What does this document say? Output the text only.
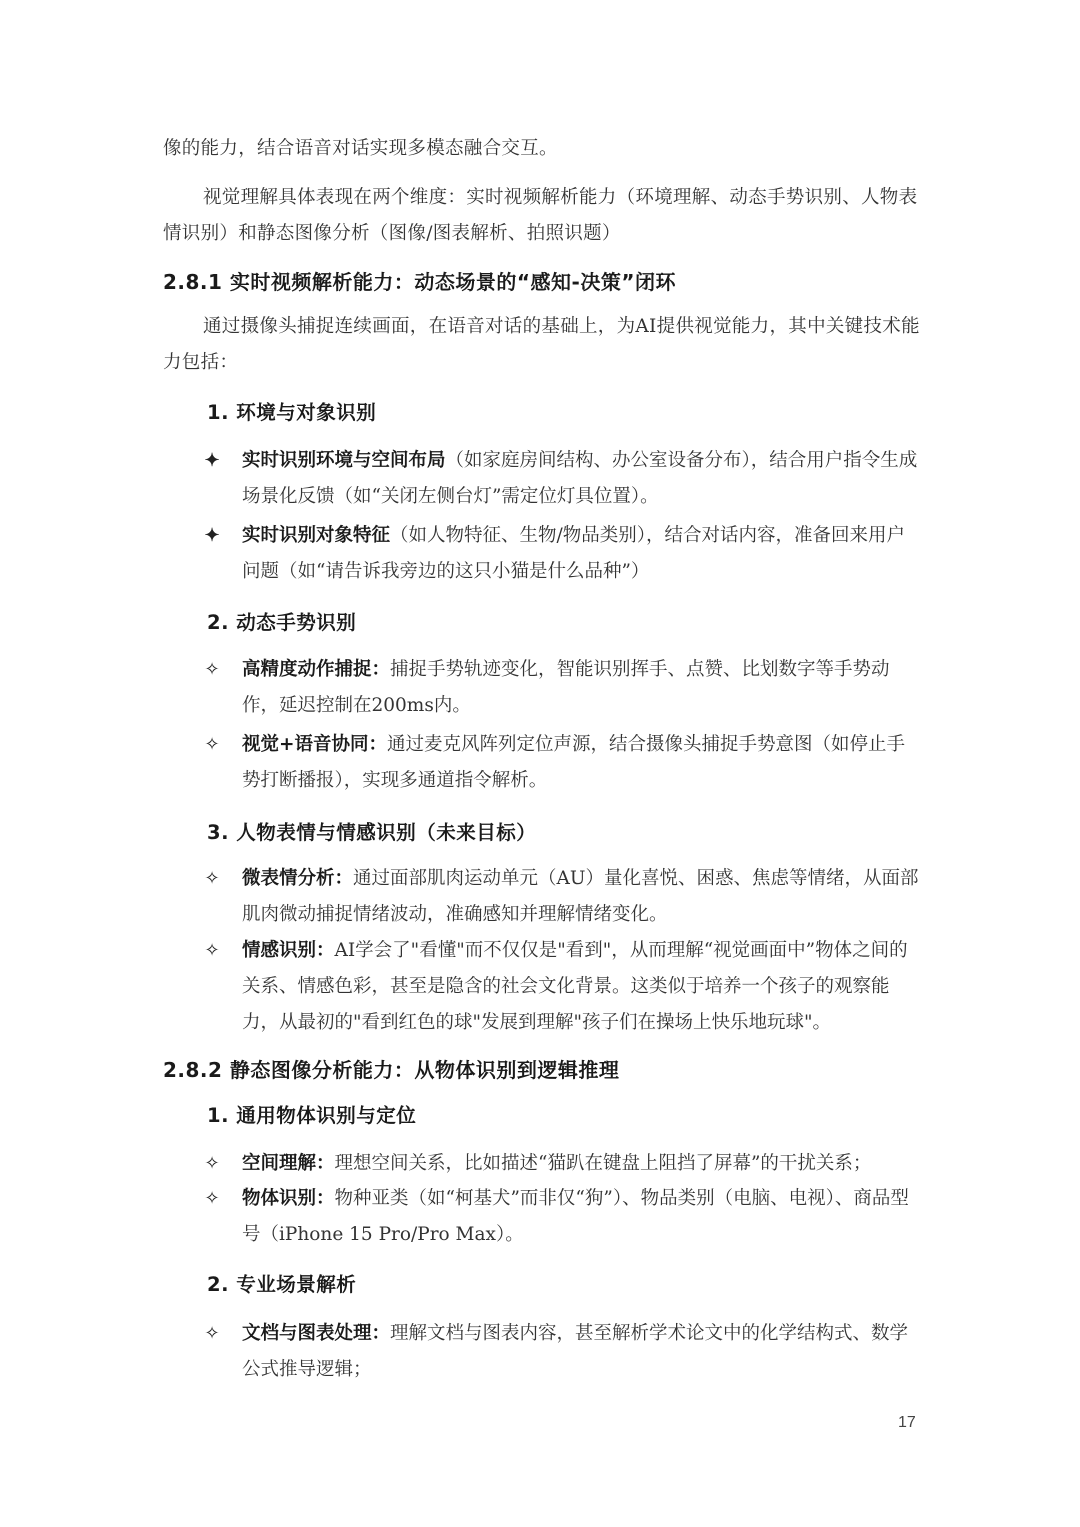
像的能力，结合语音对话实现多模态融合交互。
视觉理解具体表现在两个维度：实时视频解析能力（环境理解、动态手势识别、人物表情识别）和静态图像分析（图像/图表解析、拍照识题）
2.8.1 实时视频解析能力：动态场景的“感知-决策”闭环
通过摄像头捕捉连续画面，在语音对话的基础上，为AI提供视觉能力，其中关键技术能力包括：
1. 环境与对象识别
✦ 实时识别环境与空间布局（如家庭房间结构、办公室设备分布），结合用户指令生成场景化反馈（如“关闭左侧台灯”需定位灯具位置）。
✦ 实时识别对象特征（如人物特征、生物/物品类别），结合对话内容，准备回来用户问题（如“请告诉我旁边的这只小猫是什么品种”）
2. 动态手势识别
✧ 高精度动作捕捉：捕捉手势轨迹变化，智能识别挥手、点赞、比划数字等手势动作，延迟控制在200ms内。
✧ 视觉+语音协同：通过麦克风阵列定位声源，结合摄像头捕捉手势意图（如停止手势打断播报），实现多通道指令解析。
3. 人物表情与情感识别（未来目标）
✧ 微表情分析：通过面部肌肉运动单元（AU）量化喜悦、困惑、焦虑等情绪，从面部肌肉微动捕捉情绪波动，准确感知并理解情绪变化。
✧ 情感识别：AI学会了"看懂"而不仅仅是"看到"，从而理解“视觉画面中”物体之间的关系、情感色彩，甚至是隐含的社会文化背景。这类似于培养一个孩子的观察能力，从最初的"看到红色的球"发展到理解"孩子们在操场上快乐地玩球"。
2.8.2 静态图像分析能力：从物体识别到逻辑推理
1. 通用物体识别与定位
✧ 空间理解：理想空间关系，比如描述“猫趴在键盘上阻挡了屏幕”的干扰关系；
✧ 物体识别：物种亚类（如“柯基犬”而非仅“狗”）、物品类别（电脑、电视）、商品型号（iPhone 15 Pro/Pro Max）。
2. 专业场景解析
✧ 文档与图表处理：理解文档与图表内容，甚至解析学术论文中的化学结构式、数学公式推导逻辑；
17
